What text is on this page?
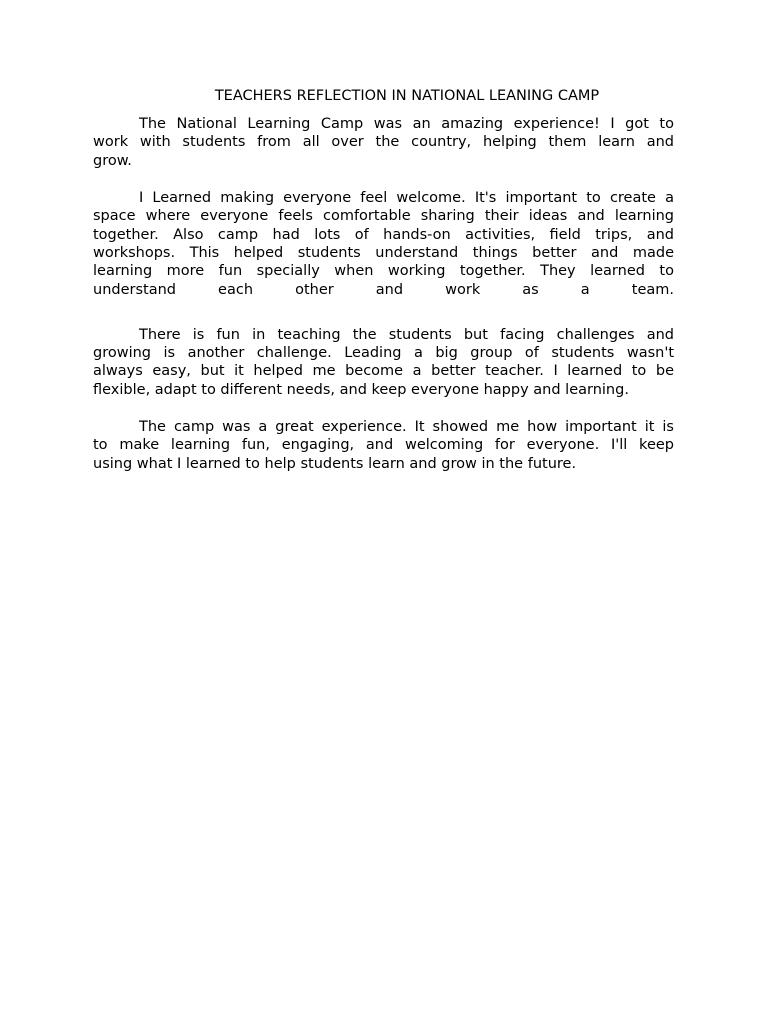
TEACHERS REFLECTION IN NATIONAL LEANING CAMP

The National Learning Camp was an amazing experience! I got to
work with students from all over the country, helping them learn and
grow.

I Learned making everyone feel welcome. It's important to create a
space where everyone feels comfortable sharing their ideas and learning
together. Also camp had lots of hands-on activities, field trips, and
workshops. This helped students understand things better and made
learning more fun specially when working together. They learned to
understand each other and work as a team.

There is fun in teaching the students but facing challenges and
growing is another challenge. Leading a big group of students wasn't
always easy, but it helped me become a better teacher. I learned to be
flexible, adapt to different needs, and keep everyone happy and learning.

The camp was a great experience. It showed me how important it is
to make learning fun, engaging, and welcoming for everyone. I'll keep
using what I learned to help students learn and grow in the future.
